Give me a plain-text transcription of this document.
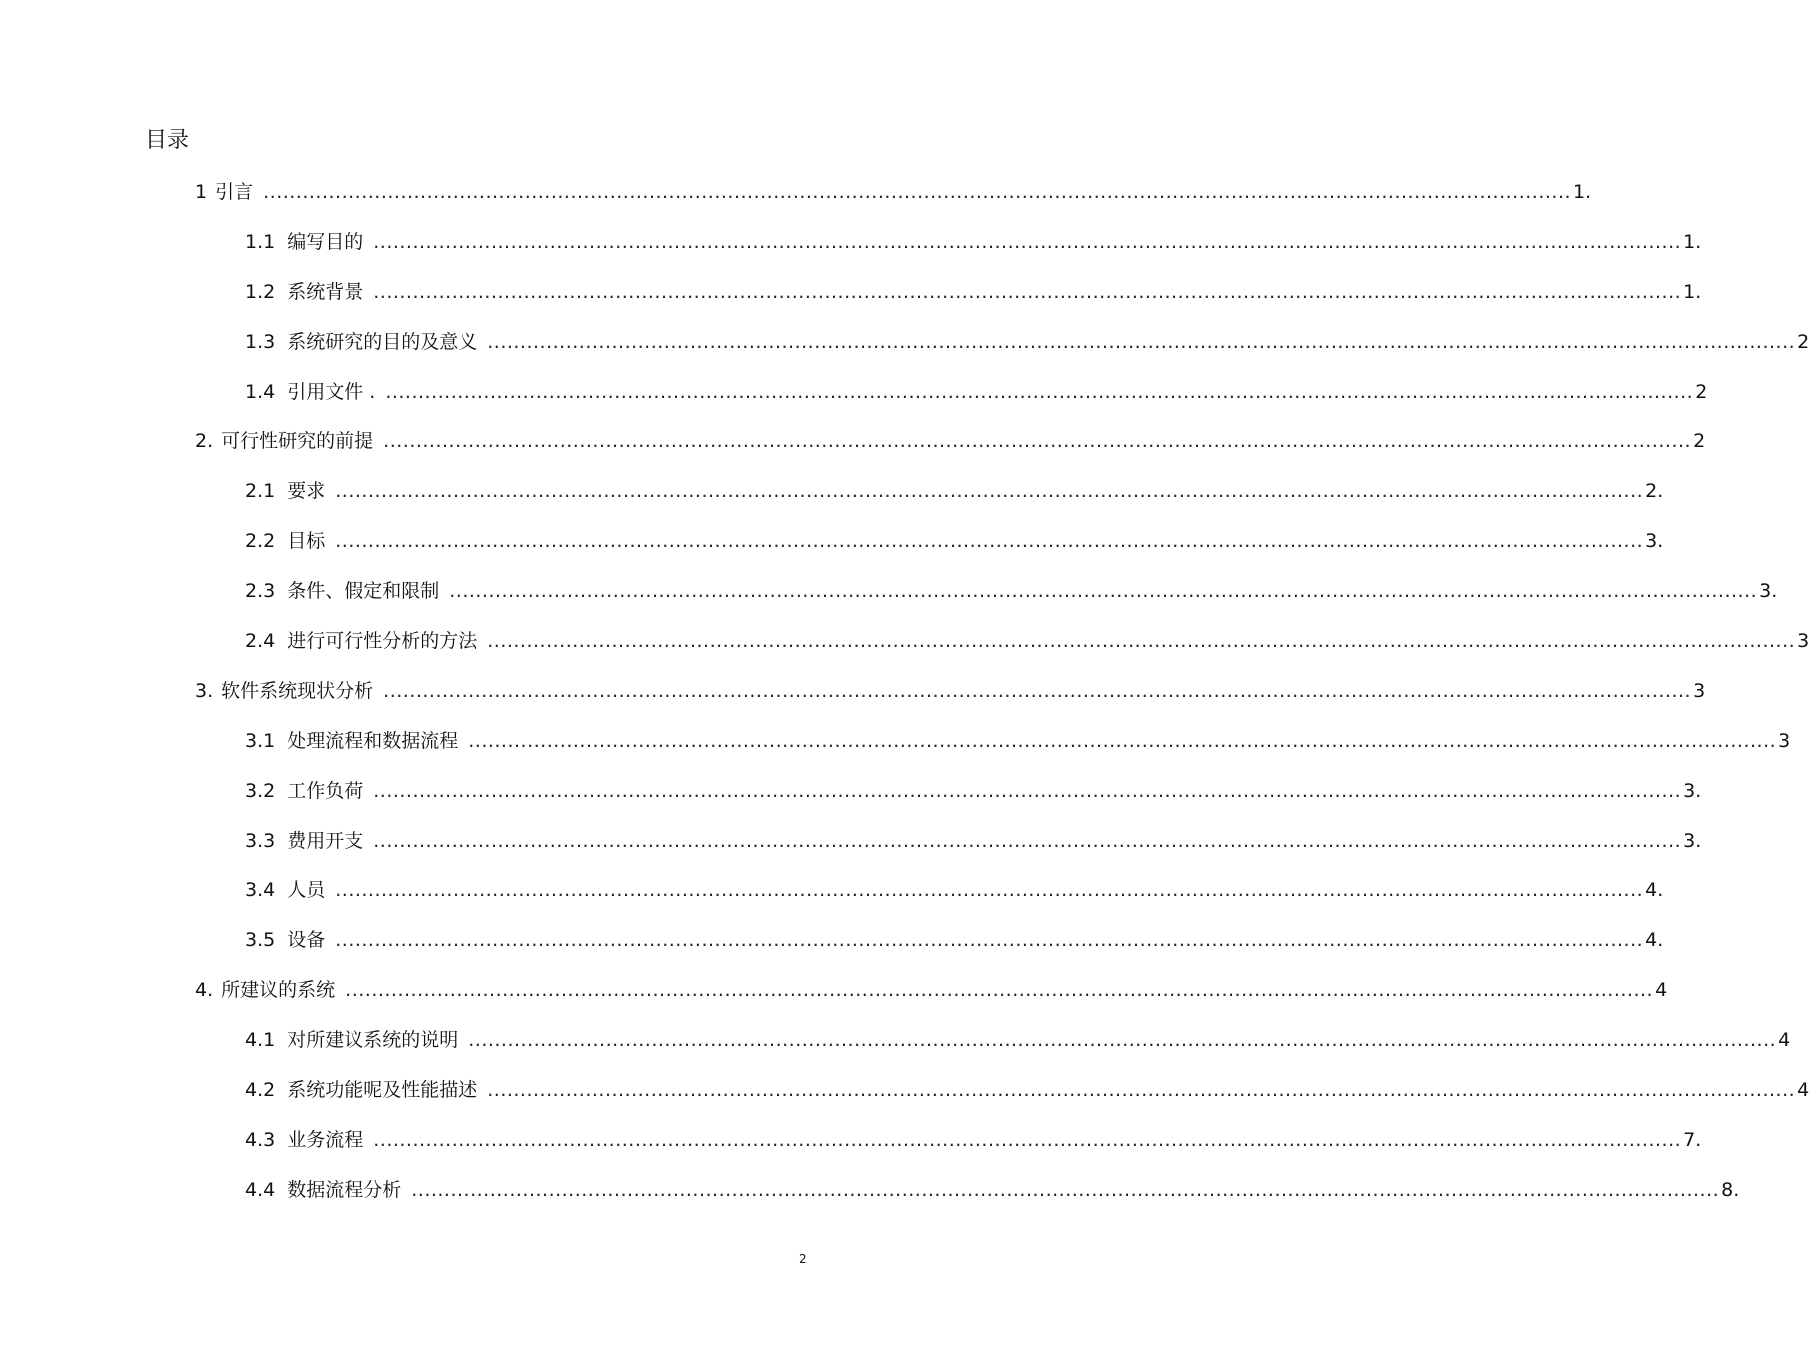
目录
1 引言 ........................................................................................................................................................................................................ 1 .
1.1 编写目的 ........................................................................................................................................................................................................ 1 .
1.2 系统背景 ........................................................................................................................................................................................................ 1 .
1.3 系统研究的目的及意义 ........................................................................................................................................................................................................ 2
1.4 引用文件 . ........................................................................................................................................................................................................ 2
2. 可行性研究的前提 ........................................................................................................................................................................................................ 2
2.1 要求 ........................................................................................................................................................................................................ 2 .
2.2 目标 ........................................................................................................................................................................................................ 3 .
2.3 条件、假定和限制 ........................................................................................................................................................................................................ 3 .
2.4 进行可行性分析的方法 ........................................................................................................................................................................................................ 3
3. 软件系统现状分析 ........................................................................................................................................................................................................ 3
3.1 处理流程和数据流程 ........................................................................................................................................................................................................ 3
3.2 工作负荷 ........................................................................................................................................................................................................ 3 .
3.3 费用开支 ........................................................................................................................................................................................................ 3 .
3.4 人员 ........................................................................................................................................................................................................ 4 .
3.5 设备 ........................................................................................................................................................................................................ 4 .
4. 所建议的系统 ........................................................................................................................................................................................................ 4
4.1 对所建议系统的说明 ........................................................................................................................................................................................................ 4
4.2 系统功能呢及性能描述 ........................................................................................................................................................................................................ 4
4.3 业务流程 ........................................................................................................................................................................................................ 7 .
4.4 数据流程分析 ........................................................................................................................................................................................................ 8 .
2
